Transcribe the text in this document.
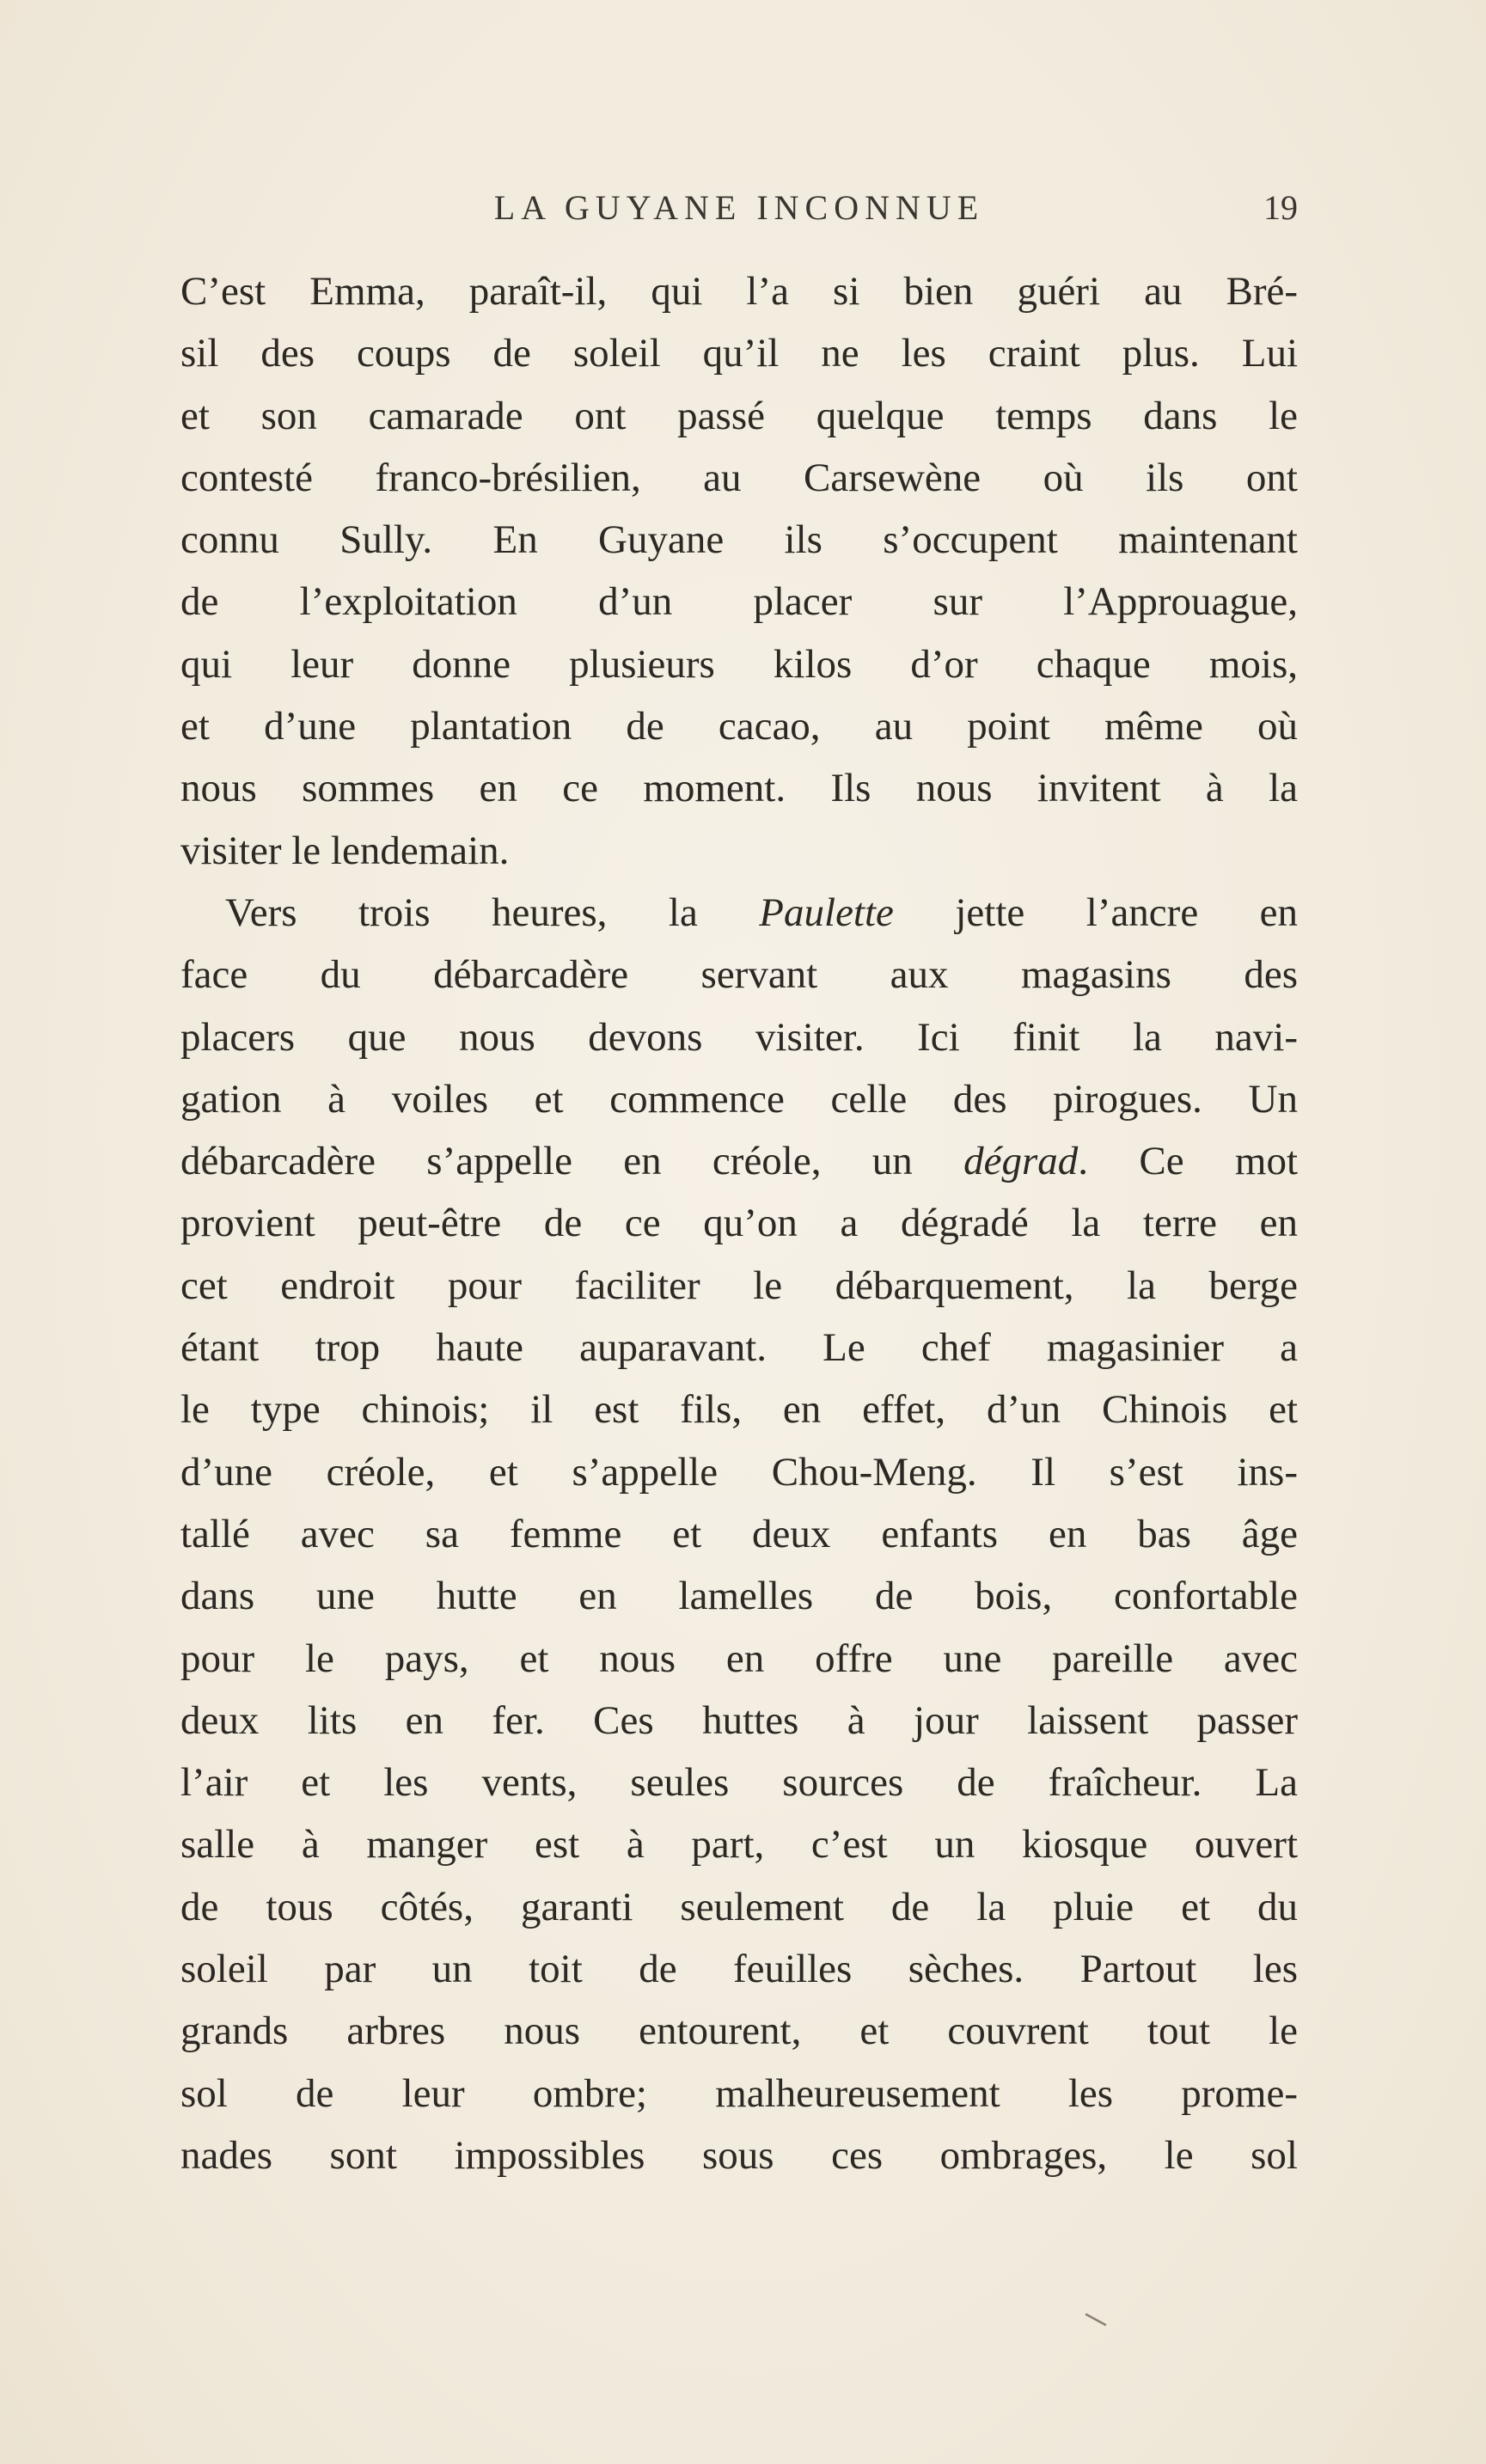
LA GUYANE INCONNUE	19
C’est Emma, paraît-il, qui l’a si bien guéri au Bré-
sil des coups de soleil qu’il ne les craint plus. Lui
et son camarade ont passé quelque temps dans le
contesté franco-brésilien, au Carsewène où ils ont
connu Sully. En Guyane ils s’occupent maintenant
de l’exploitation d’un placer sur l’Approuague,
qui leur donne plusieurs kilos d’or chaque mois,
et d’une plantation de cacao, au point même où
nous sommes en ce moment. Ils nous invitent à la
visiter le lendemain.
Vers trois heures, la Paulette jette l’ancre en
face du débarcadère servant aux magasins des
placers que nous devons visiter. Ici finit la navi-
gation à voiles et commence celle des pirogues. Un
débarcadère s’appelle en créole, un dégrad. Ce mot
provient peut-être de ce qu’on a dégradé la terre en
cet endroit pour faciliter le débarquement, la berge
étant trop haute auparavant. Le chef magasinier a
le type chinois; il est fils, en effet, d’un Chinois et
d’une créole, et s’appelle Chou-Meng. Il s’est ins-
tallé avec sa femme et deux enfants en bas âge
dans une hutte en lamelles de bois, confortable
pour le pays, et nous en offre une pareille avec
deux lits en fer. Ces huttes à jour laissent passer
l’air et les vents, seules sources de fraîcheur. La
salle à manger est à part, c’est un kiosque ouvert
de tous côtés, garanti seulement de la pluie et du
soleil par un toit de feuilles sèches. Partout les
grands arbres nous entourent, et couvrent tout le
sol de leur ombre; malheureusement les prome-
nades sont impossibles sous ces ombrages, le sol
